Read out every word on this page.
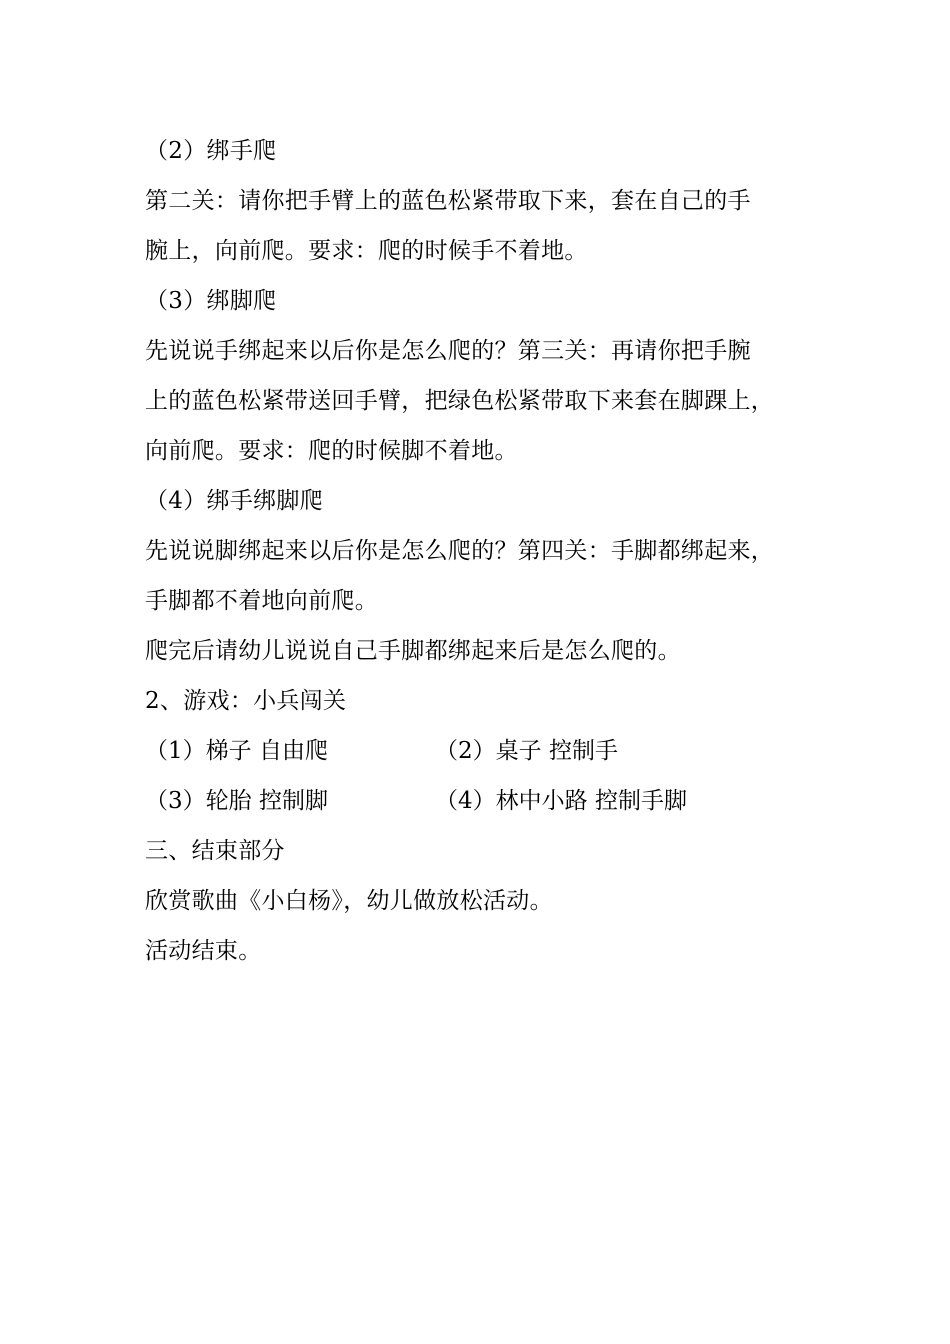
（2）绑手爬
第二关：请你把手臂上的蓝色松紧带取下来，套在自己的手
腕上，向前爬。要求：爬的时候手不着地。
（3）绑脚爬
先说说手绑起来以后你是怎么爬的？第三关：再请你把手腕
上的蓝色松紧带送回手臂，把绿色松紧带取下来套在脚踝上，
向前爬。要求：爬的时候脚不着地。
（4）绑手绑脚爬
先说说脚绑起来以后你是怎么爬的？第四关：手脚都绑起来，
手脚都不着地向前爬。
爬完后请幼儿说说自己手脚都绑起来后是怎么爬的。
2、游戏：小兵闯关
（1）梯子 自由爬	（2）桌子 控制手
（3）轮胎 控制脚	（4）林中小路 控制手脚
三、结束部分
欣赏歌曲《小白杨》，幼儿做放松活动。
活动结束。
